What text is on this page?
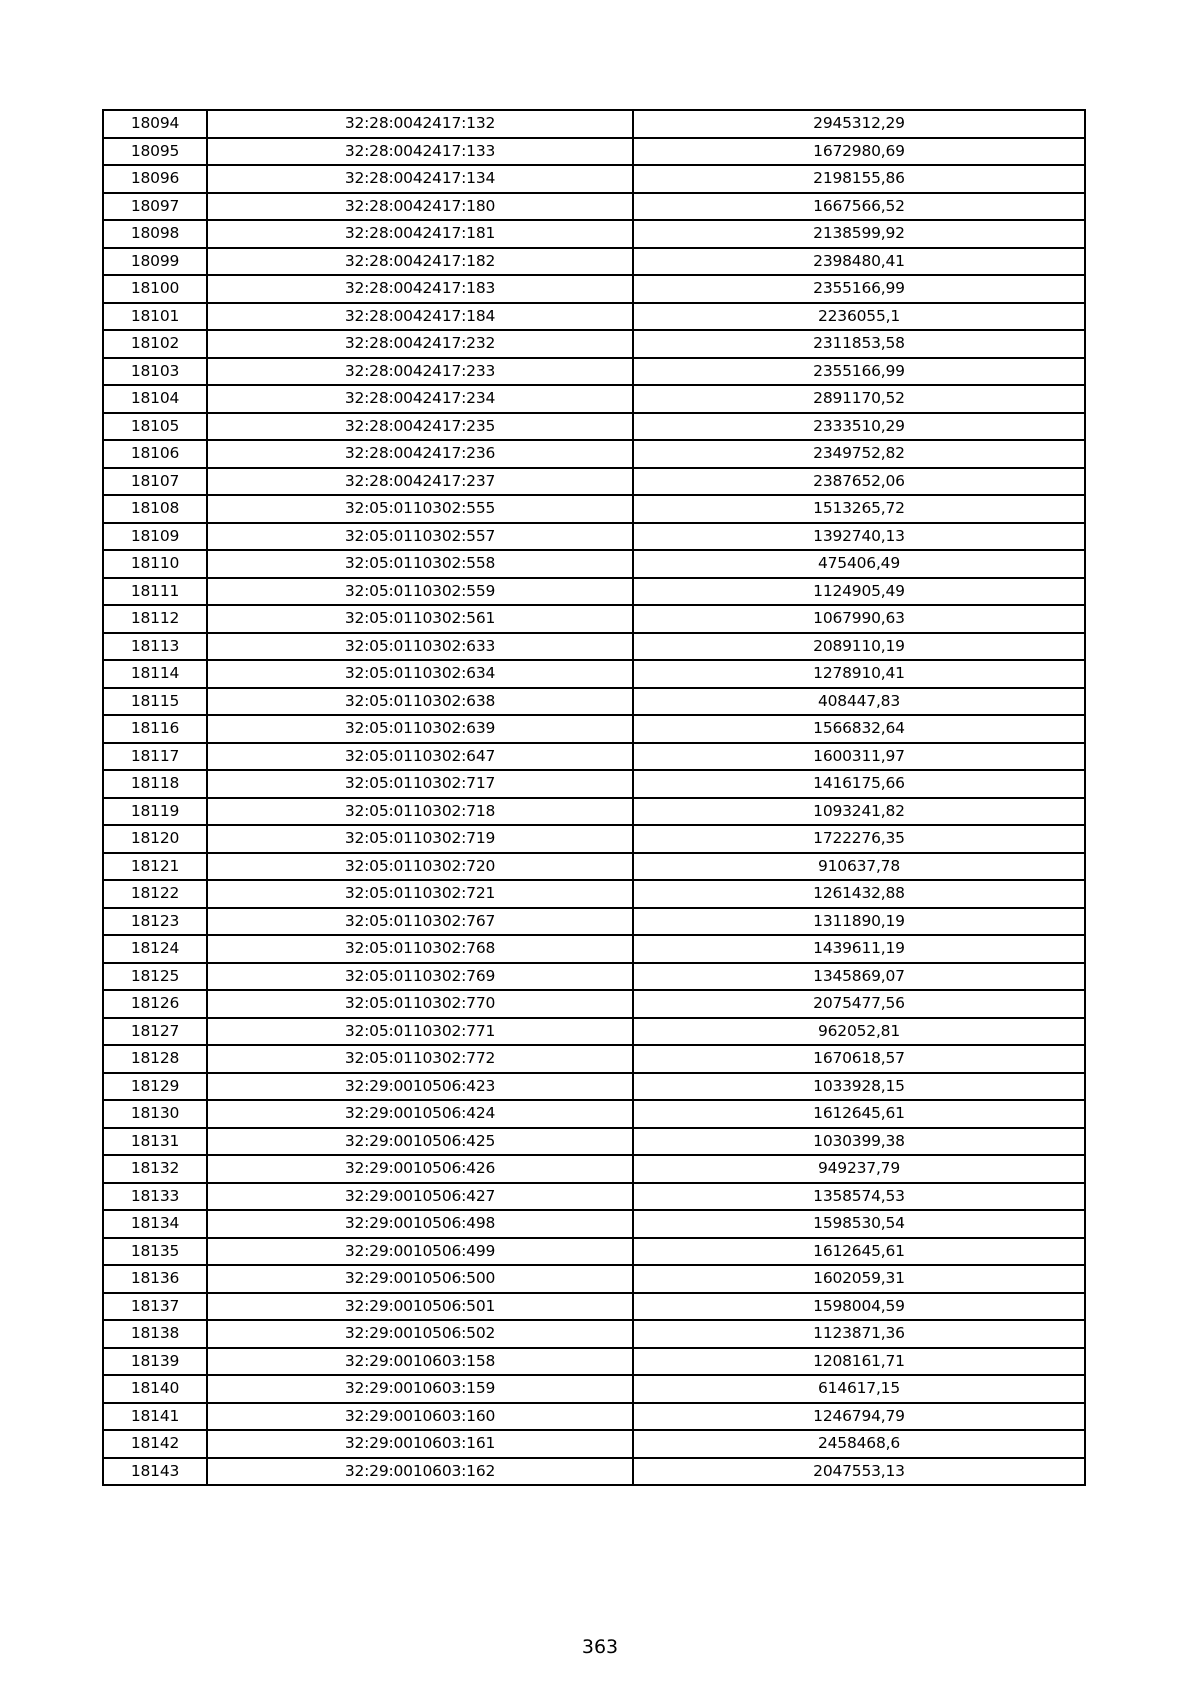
18094	32:28:0042417:132	2945312,29
18095	32:28:0042417:133	1672980,69
18096	32:28:0042417:134	2198155,86
18097	32:28:0042417:180	1667566,52
18098	32:28:0042417:181	2138599,92
18099	32:28:0042417:182	2398480,41
18100	32:28:0042417:183	2355166,99
18101	32:28:0042417:184	2236055,1
18102	32:28:0042417:232	2311853,58
18103	32:28:0042417:233	2355166,99
18104	32:28:0042417:234	2891170,52
18105	32:28:0042417:235	2333510,29
18106	32:28:0042417:236	2349752,82
18107	32:28:0042417:237	2387652,06
18108	32:05:0110302:555	1513265,72
18109	32:05:0110302:557	1392740,13
18110	32:05:0110302:558	475406,49
18111	32:05:0110302:559	1124905,49
18112	32:05:0110302:561	1067990,63
18113	32:05:0110302:633	2089110,19
18114	32:05:0110302:634	1278910,41
18115	32:05:0110302:638	408447,83
18116	32:05:0110302:639	1566832,64
18117	32:05:0110302:647	1600311,97
18118	32:05:0110302:717	1416175,66
18119	32:05:0110302:718	1093241,82
18120	32:05:0110302:719	1722276,35
18121	32:05:0110302:720	910637,78
18122	32:05:0110302:721	1261432,88
18123	32:05:0110302:767	1311890,19
18124	32:05:0110302:768	1439611,19
18125	32:05:0110302:769	1345869,07
18126	32:05:0110302:770	2075477,56
18127	32:05:0110302:771	962052,81
18128	32:05:0110302:772	1670618,57
18129	32:29:0010506:423	1033928,15
18130	32:29:0010506:424	1612645,61
18131	32:29:0010506:425	1030399,38
18132	32:29:0010506:426	949237,79
18133	32:29:0010506:427	1358574,53
18134	32:29:0010506:498	1598530,54
18135	32:29:0010506:499	1612645,61
18136	32:29:0010506:500	1602059,31
18137	32:29:0010506:501	1598004,59
18138	32:29:0010506:502	1123871,36
18139	32:29:0010603:158	1208161,71
18140	32:29:0010603:159	614617,15
18141	32:29:0010603:160	1246794,79
18142	32:29:0010603:161	2458468,6
18143	32:29:0010603:162	2047553,13
363
